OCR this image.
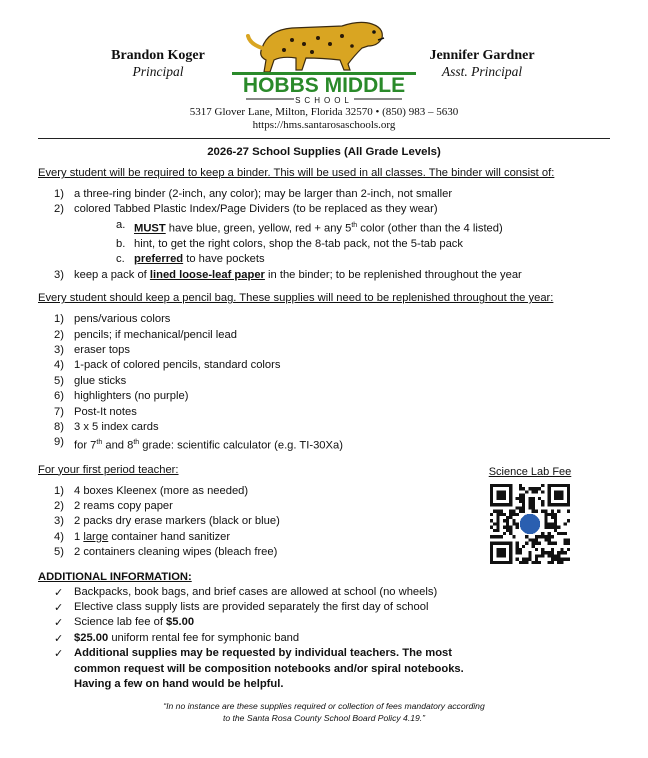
Brandon Koger
Principal
HOBBS MIDDLE
SCHOOL
Jennifer Gardner
Asst. Principal
5317 Glover Lane, Milton, Florida 32570 • (850) 983 – 5630
https://hms.santarosaschools.org
2026-27 School Supplies (All Grade Levels)
Every student will be required to keep a binder. This will be used in all classes. The binder will consist of:
1) a three-ring binder (2-inch, any color); may be larger than 2-inch, not smaller
2) colored Tabbed Plastic Index/Page Dividers (to be replaced as they wear)
a. MUST have blue, green, yellow, red + any 5th color (other than the 4 listed)
b. hint, to get the right colors, shop the 8-tab pack, not the 5-tab pack
c. preferred to have pockets
3) keep a pack of lined loose-leaf paper in the binder; to be replenished throughout the year
Every student should keep a pencil bag. These supplies will need to be replenished throughout the year:
1) pens/various colors
2) pencils; if mechanical/pencil lead
3) eraser tops
4) 1-pack of colored pencils, standard colors
5) glue sticks
6) highlighters (no purple)
7) Post-It notes
8) 3 x 5 index cards
9) for 7th and 8th grade: scientific calculator (e.g. TI-30Xa)
For your first period teacher:
1) 4 boxes Kleenex (more as needed)
2) 2 reams copy paper
3) 2 packs dry erase markers (black or blue)
4) 1 large container hand sanitizer
5) 2 containers cleaning wipes (bleach free)
ADDITIONAL INFORMATION:
✓ Backpacks, book bags, and brief cases are allowed at school (no wheels)
✓ Elective class supply lists are provided separately the first day of school
✓ Science lab fee of $5.00
✓ $25.00 uniform rental fee for symphonic band
✓ Additional supplies may be requested by individual teachers. The most common request will be composition notebooks and/or spiral notebooks. Having a few on hand would be helpful.
“In no instance are these supplies required or collection of fees mandatory according
to the Santa Rosa County School Board Policy 4.19.”
Science Lab Fee
